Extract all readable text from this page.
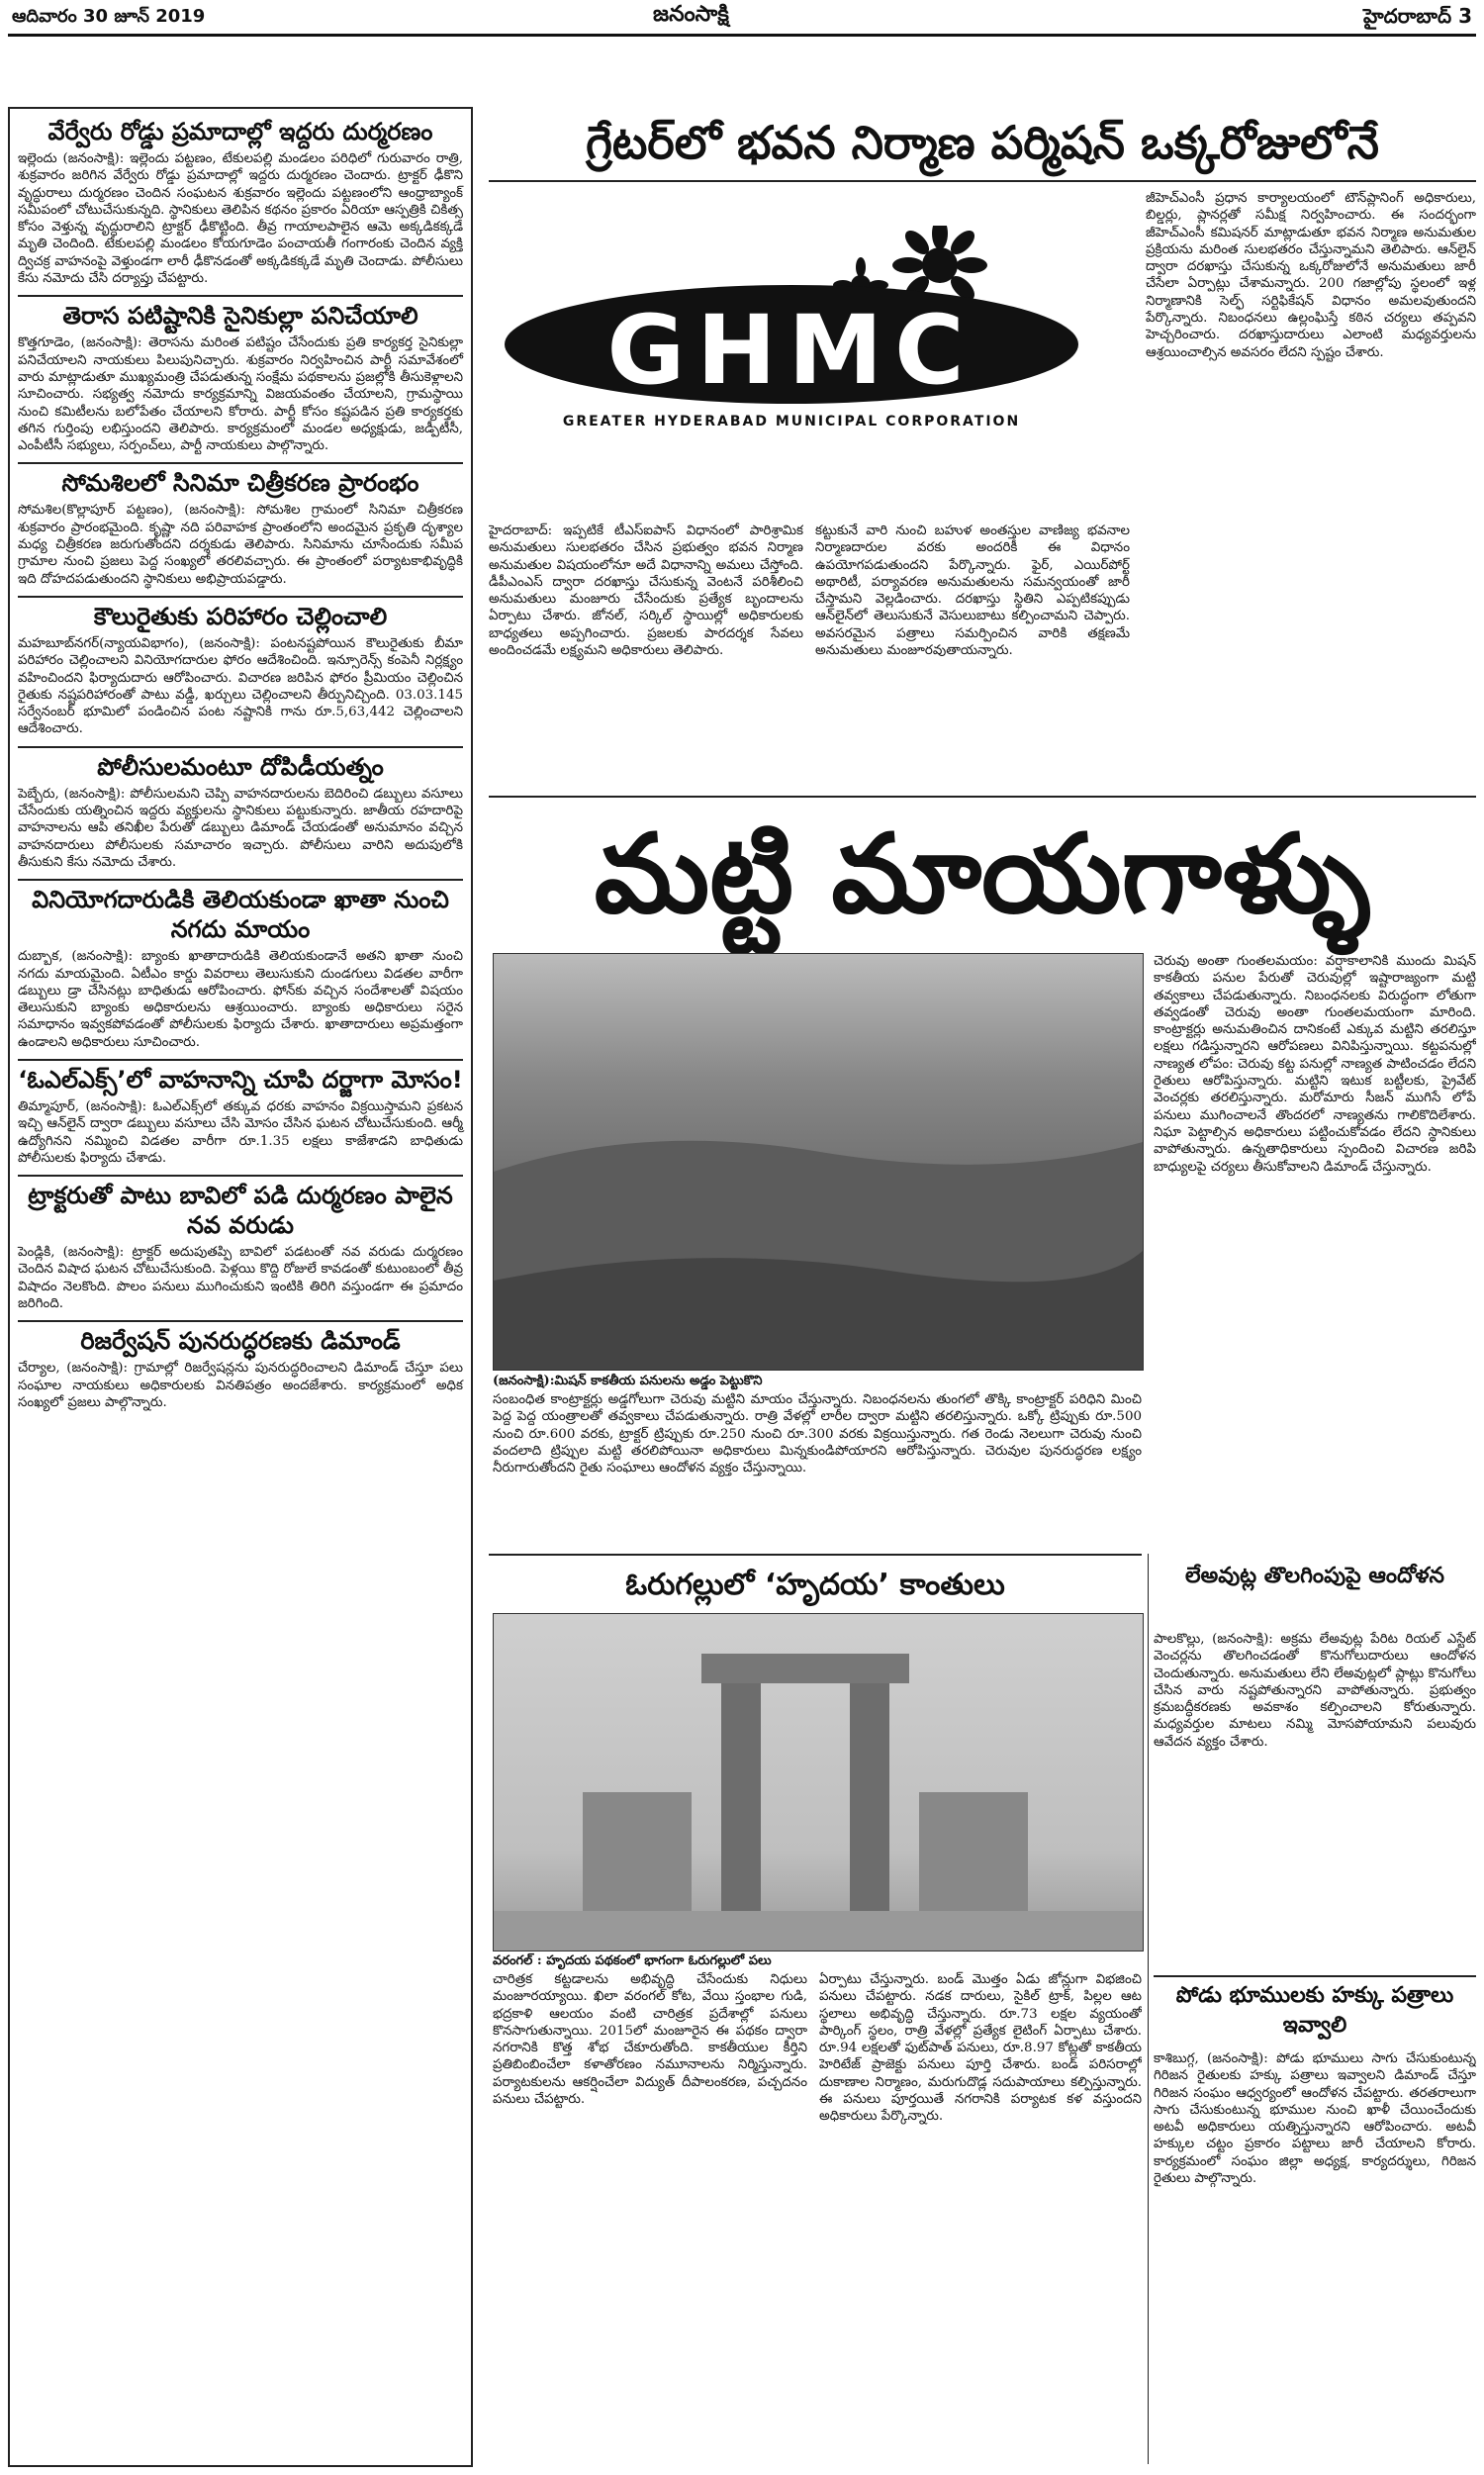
ఆదివారం 30 జూన్ 2019	జనంసాక్షి	హైదరాబాద్ 3
వేర్వేరు రోడ్డు ప్రమాదాల్లో ఇద్దరు దుర్మరణం

ఇల్లెందు (జనంసాక్షి): ఇల్లెందు పట్టణం, టేకులపల్లి మండలం పరిధిలో గురువారం రాత్రి, శుక్రవారం జరిగిన వేర్వేరు రోడ్డు ప్రమాదాల్లో ఇద్దరు దుర్మరణం చెందారు. ట్రాక్టర్ ఢీకొని వృద్ధురాలు దుర్మరణం చెందిన సంఘటన శుక్రవారం ఇల్లెందు పట్టణంలోని ఆంధ్రాబ్యాంక్ సమీపంలో చోటుచేసుకున్నది. స్థానికులు తెలిపిన కథనం ప్రకారం ఏరియా ఆస్పత్రికి చికిత్స కోసం వెళ్తున్న వృద్ధురాలిని ట్రాక్టర్ ఢీకొట్టింది. తీవ్ర గాయాలపాలైన ఆమె అక్కడికక్కడే మృతి చెందింది. టేకులపల్లి మండలం కోయగూడెం పంచాయతీ గంగారంకు చెందిన వ్యక్తి ద్విచక్ర వాహనంపై వెళ్తుండగా లారీ ఢీకొనడంతో అక్కడికక్కడే మృతి చెందాడు. పోలీసులు కేసు నమోదు చేసి దర్యాప్తు చేపట్టారు.

తెరాస పటిష్టానికి సైనికుల్లా పనిచేయాలి

కొత్తగూడెం, (జనంసాక్షి): తెరాసను మరింత పటిష్టం చేసేందుకు ప్రతి కార్యకర్త సైనికుల్లా పనిచేయాలని నాయకులు పిలుపునిచ్చారు. శుక్రవారం నిర్వహించిన పార్టీ సమావేశంలో వారు మాట్లాడుతూ ముఖ్యమంత్రి చేపడుతున్న సంక్షేమ పథకాలను ప్రజల్లోకి తీసుకెళ్లాలని సూచించారు. సభ్యత్వ నమోదు కార్యక్రమాన్ని విజయవంతం చేయాలని, గ్రామస్థాయి నుంచి కమిటీలను బలోపేతం చేయాలని కోరారు. పార్టీ కోసం కష్టపడిన ప్రతి కార్యకర్తకు తగిన గుర్తింపు లభిస్తుందని తెలిపారు. కార్యక్రమంలో మండల అధ్యక్షుడు, జడ్పీటీసీ, ఎంపీటీసీ సభ్యులు, సర్పంచ్‌లు, పార్టీ నాయకులు పాల్గొన్నారు.

సోమశిలలో సినిమా చిత్రీకరణ ప్రారంభం

సోమశిల(కొల్లాపూర్ పట్టణం), (జనంసాక్షి): సోమశిల గ్రామంలో సినిమా చిత్రీకరణ శుక్రవారం ప్రారంభమైంది. కృష్ణా నది పరివాహక ప్రాంతంలోని అందమైన ప్రకృతి దృశ్యాల మధ్య చిత్రీకరణ జరుగుతోందని దర్శకుడు తెలిపారు. సినిమాను చూసేందుకు సమీప గ్రామాల నుంచి ప్రజలు పెద్ద సంఖ్యలో తరలివచ్చారు. ఈ ప్రాంతంలో పర్యాటకాభివృద్ధికి ఇది దోహదపడుతుందని స్థానికులు అభిప్రాయపడ్డారు.

కౌలురైతుకు పరిహారం చెల్లించాలి

మహబూబ్‌నగర్(న్యాయవిభాగం), (జనంసాక్షి): పంటనష్టపోయిన కౌలురైతుకు బీమా పరిహారం చెల్లించాలని వినియోగదారుల ఫోరం ఆదేశించింది. ఇన్సూరెన్స్ కంపెనీ నిర్లక్ష్యం వహించిందని ఫిర్యాదుదారు ఆరోపించారు. విచారణ జరిపిన ఫోరం ప్రీమియం చెల్లించిన రైతుకు నష్టపరిహారంతో పాటు వడ్డీ, ఖర్చులు చెల్లించాలని తీర్పునిచ్చింది. 03.03.145 సర్వేనంబర్ భూమిలో పండించిన పంట నష్టానికి గాను రూ.5,63,442 చెల్లించాలని ఆదేశించారు.

పోలీసులమంటూ దోపిడీయత్నం

పెబ్బేరు, (జనంసాక్షి): పోలీసులమని చెప్పి వాహనదారులను బెదిరించి డబ్బులు వసూలు చేసేందుకు యత్నించిన ఇద్దరు వ్యక్తులను స్థానికులు పట్టుకున్నారు. జాతీయ రహదారిపై వాహనాలను ఆపి తనిఖీల పేరుతో డబ్బులు డిమాండ్ చేయడంతో అనుమానం వచ్చిన వాహనదారులు పోలీసులకు సమాచారం ఇచ్చారు. పోలీసులు వారిని అదుపులోకి తీసుకుని కేసు నమోదు చేశారు.

వినియోగదారుడికి తెలియకుండా ఖాతా నుంచి నగదు మాయం

దుబ్బాక, (జనంసాక్షి): బ్యాంకు ఖాతాదారుడికి తెలియకుండానే అతని ఖాతా నుంచి నగదు మాయమైంది. ఏటీఎం కార్డు వివరాలు తెలుసుకుని దుండగులు విడతల వారీగా డబ్బులు డ్రా చేసినట్లు బాధితుడు ఆరోపించారు. ఫోన్‌కు వచ్చిన సందేశాలతో విషయం తెలుసుకుని బ్యాంకు అధికారులను ఆశ్రయించారు. బ్యాంకు అధికారులు సరైన సమాధానం ఇవ్వకపోవడంతో పోలీసులకు ఫిర్యాదు చేశారు. ఖాతాదారులు అప్రమత్తంగా ఉండాలని అధికారులు సూచించారు.

‘ఓఎల్‌ఎక్స్’లో వాహనాన్ని చూపి దర్జాగా మోసం!

తిమ్మాపూర్, (జనంసాక్షి): ఓఎల్‌ఎక్స్‌లో తక్కువ ధరకు వాహనం విక్రయిస్తామని ప్రకటన ఇచ్చి ఆన్‌లైన్ ద్వారా డబ్బులు వసూలు చేసి మోసం చేసిన ఘటన చోటుచేసుకుంది. ఆర్మీ ఉద్యోగినని నమ్మించి విడతల వారీగా రూ.1.35 లక్షలు కాజేశాడని బాధితుడు పోలీసులకు ఫిర్యాదు చేశాడు.

ట్రాక్టరుతో పాటు బావిలో పడి దుర్మరణం పాలైన నవ వరుడు

పెండ్లికి, (జనంసాక్షి): ట్రాక్టర్ అదుపుతప్పి బావిలో పడటంతో నవ వరుడు దుర్మరణం చెందిన విషాద ఘటన చోటుచేసుకుంది. పెళ్లయి కొద్ది రోజులే కావడంతో కుటుంబంలో తీవ్ర విషాదం నెలకొంది. పొలం పనులు ముగించుకుని ఇంటికి తిరిగి వస్తుండగా ఈ ప్రమాదం జరిగింది.

రిజర్వేషన్ పునరుద్ధరణకు డిమాండ్

చేర్యాల, (జనంసాక్షి): గ్రామాల్లో రిజర్వేషన్లను పునరుద్ధరించాలని డిమాండ్ చేస్తూ పలు సంఘాల నాయకులు అధికారులకు వినతిపత్రం అందజేశారు. కార్యక్రమంలో అధిక సంఖ్యలో ప్రజలు పాల్గొన్నారు.

గ్రేటర్‌లో భవన నిర్మాణ పర్మిషన్ ఒక్కరోజులోనే
GHMC
GREATER HYDERABAD MUNICIPAL CORPORATION

హైదరాబాద్: ఇప్పటికే టీఎస్‌ఐపాస్ విధానంలో పారిశ్రామిక అనుమతులు సులభతరం చేసిన ప్రభుత్వం భవన నిర్మాణ అనుమతుల విషయంలోనూ అదే విధానాన్ని అమలు చేస్తోంది. డీపీఎంఎస్ ద్వారా దరఖాస్తు చేసుకున్న వెంటనే పరిశీలించి అనుమతులు మంజూరు చేసేందుకు ప్రత్యేక బృందాలను ఏర్పాటు చేశారు. జోనల్, సర్కిల్ స్థాయిల్లో అధికారులకు బాధ్యతలు అప్పగించారు. ప్రజలకు పారదర్శక సేవలు అందించడమే లక్ష్యమని అధికారులు తెలిపారు.

కట్టుకునే వారి నుంచి బహుళ అంతస్తుల వాణిజ్య భవనాల నిర్మాణదారుల వరకు అందరికీ ఈ విధానం ఉపయోగపడుతుందని పేర్కొన్నారు. ఫైర్, ఎయిర్‌పోర్ట్ అథారిటీ, పర్యావరణ అనుమతులను సమన్వయంతో జారీ చేస్తామని వెల్లడించారు. దరఖాస్తు స్థితిని ఎప్పటికప్పుడు ఆన్‌లైన్‌లో తెలుసుకునే వెసులుబాటు కల్పించామని చెప్పారు. అవసరమైన పత్రాలు సమర్పించిన వారికి తక్షణమే అనుమతులు మంజూరవుతాయన్నారు.

జీహెచ్‌ఎంసీ ప్రధాన కార్యాలయంలో టౌన్‌ప్లానింగ్ అధికారులు, బిల్డర్లు, ప్లానర్లతో సమీక్ష నిర్వహించారు. ఈ సందర్భంగా జీహెచ్‌ఎంసీ కమిషనర్ మాట్లాడుతూ భవన నిర్మాణ అనుమతుల ప్రక్రియను మరింత సులభతరం చేస్తున్నామని తెలిపారు. ఆన్‌లైన్ ద్వారా దరఖాస్తు చేసుకున్న ఒక్కరోజులోనే అనుమతులు జారీ చేసేలా ఏర్పాట్లు చేశామన్నారు. 200 గజాల్లోపు స్థలంలో ఇళ్ల నిర్మాణానికి సెల్ఫ్ సర్టిఫికేషన్ విధానం అమలవుతుందని పేర్కొన్నారు. నిబంధనలు ఉల్లంఘిస్తే కఠిన చర్యలు తప్పవని హెచ్చరించారు. దరఖాస్తుదారులు ఎలాంటి మధ్యవర్తులను ఆశ్రయించాల్సిన అవసరం లేదని స్పష్టం చేశారు.

మట్టి మాయగాళ్ళు
(జనంసాక్షి):మిషన్ కాకతీయ పనులను అడ్డం పెట్టుకొని

సంబంధిత కాంట్రాక్టర్లు అడ్డగోలుగా చెరువు మట్టిని మాయం చేస్తున్నారు. నిబంధనలను తుంగలో తొక్కి కాంట్రాక్టర్ పరిధిని మించి పెద్ద పెద్ద యంత్రాలతో తవ్వకాలు చేపడుతున్నారు. రాత్రి వేళల్లో లారీల ద్వారా మట్టిని తరలిస్తున్నారు. ఒక్కో ట్రిప్పుకు రూ.500 నుంచి రూ.600 వరకు, ట్రాక్టర్ ట్రిప్పుకు రూ.250 నుంచి రూ.300 వరకు విక్రయిస్తున్నారు. గత రెండు నెలలుగా చెరువు నుంచి వందలాది ట్రిప్పుల మట్టి తరలిపోయినా అధికారులు మిన్నకుండిపోయారని ఆరోపిస్తున్నారు. చెరువుల పునరుద్ధరణ లక్ష్యం నీరుగారుతోందని రైతు సంఘాలు ఆందోళన వ్యక్తం చేస్తున్నాయి.

చెరువు అంతా గుంతలమయం: వర్షాకాలానికి ముందు మిషన్ కాకతీయ పనుల పేరుతో చెరువుల్లో ఇష్టారాజ్యంగా మట్టి తవ్వకాలు చేపడుతున్నారు. నిబంధనలకు విరుద్ధంగా లోతుగా తవ్వడంతో చెరువు అంతా గుంతలమయంగా మారింది. కాంట్రాక్టర్లు అనుమతించిన దానికంటే ఎక్కువ మట్టిని తరలిస్తూ లక్షలు గడిస్తున్నారని ఆరోపణలు వినిపిస్తున్నాయి. కట్టపనుల్లో నాణ్యత లోపం: చెరువు కట్ట పనుల్లో నాణ్యత పాటించడం లేదని రైతులు ఆరోపిస్తున్నారు. మట్టిని ఇటుక బట్టీలకు, ప్రైవేట్ వెంచర్లకు తరలిస్తున్నారు. మరోమారు సీజన్ ముగిసే లోపే పనులు ముగించాలనే తొందరలో నాణ్యతను గాలికొదిలేశారు. నిఘా పెట్టాల్సిన అధికారులు పట్టించుకోవడం లేదని స్థానికులు వాపోతున్నారు. ఉన్నతాధికారులు స్పందించి విచారణ జరిపి బాధ్యులపై చర్యలు తీసుకోవాలని డిమాండ్ చేస్తున్నారు.

ఓరుగల్లులో ‘హృదయ’ కాంతులు
వరంగల్ : హృదయ పథకంలో భాగంగా ఓరుగల్లులో పలు

చారిత్రక కట్టడాలను అభివృద్ధి చేసేందుకు నిధులు మంజూరయ్యాయి. ఖిలా వరంగల్ కోట, వేయి స్తంభాల గుడి, భద్రకాళి ఆలయం వంటి చారిత్రక ప్రదేశాల్లో పనులు కొనసాగుతున్నాయి. 2015లో మంజూరైన ఈ పథకం ద్వారా నగరానికి కొత్త శోభ చేకూరుతోంది. కాకతీయుల కీర్తిని ప్రతిబింబించేలా కళాతోరణం నమూనాలను నిర్మిస్తున్నారు. పర్యాటకులను ఆకర్షించేలా విద్యుత్ దీపాలంకరణ, పచ్చదనం పనులు చేపట్టారు.

ఏర్పాటు చేస్తున్నారు. బండ్ మొత్తం ఏడు జోన్లుగా విభజించి పనులు చేపట్టారు. నడక దారులు, సైకిల్ ట్రాక్, పిల్లల ఆట స్థలాలు అభివృద్ధి చేస్తున్నారు. రూ.73 లక్షల వ్యయంతో పార్కింగ్ స్థలం, రాత్రి వేళల్లో ప్రత్యేక లైటింగ్ ఏర్పాటు చేశారు. రూ.94 లక్షలతో ఫుట్‌పాత్ పనులు, రూ.8.97 కోట్లతో కాకతీయ హెరిటేజ్ ప్రాజెక్టు పనులు పూర్తి చేశారు. బండ్ పరిసరాల్లో దుకాణాల నిర్మాణం, మరుగుదొడ్ల సదుపాయాలు కల్పిస్తున్నారు. ఈ పనులు పూర్తయితే నగరానికి పర్యాటక కళ వస్తుందని అధికారులు పేర్కొన్నారు.

లేఅవుట్ల తొలగింపుపై ఆందోళన

పాలకొల్లు, (జనంసాక్షి): అక్రమ లేఅవుట్ల పేరిట రియల్ ఎస్టేట్ వెంచర్లను తొలగించడంతో కొనుగోలుదారులు ఆందోళన చెందుతున్నారు. అనుమతులు లేని లేఅవుట్లలో ప్లాట్లు కొనుగోలు చేసిన వారు నష్టపోతున్నారని వాపోతున్నారు. ప్రభుత్వం క్రమబద్ధీకరణకు అవకాశం కల్పించాలని కోరుతున్నారు. మధ్యవర్తుల మాటలు నమ్మి మోసపోయామని పలువురు ఆవేదన వ్యక్తం చేశారు.

పోడు భూములకు హక్కు పత్రాలు ఇవ్వాలి

కాశిబుగ్గ, (జనంసాక్షి): పోడు భూములు సాగు చేసుకుంటున్న గిరిజన రైతులకు హక్కు పత్రాలు ఇవ్వాలని డిమాండ్ చేస్తూ గిరిజన సంఘం ఆధ్వర్యంలో ఆందోళన చేపట్టారు. తరతరాలుగా సాగు చేసుకుంటున్న భూముల నుంచి ఖాళీ చేయించేందుకు అటవీ అధికారులు యత్నిస్తున్నారని ఆరోపించారు. అటవీ హక్కుల చట్టం ప్రకారం పట్టాలు జారీ చేయాలని కోరారు. కార్యక్రమంలో సంఘం జిల్లా అధ్యక్ష, కార్యదర్శులు, గిరిజన రైతులు పాల్గొన్నారు.
